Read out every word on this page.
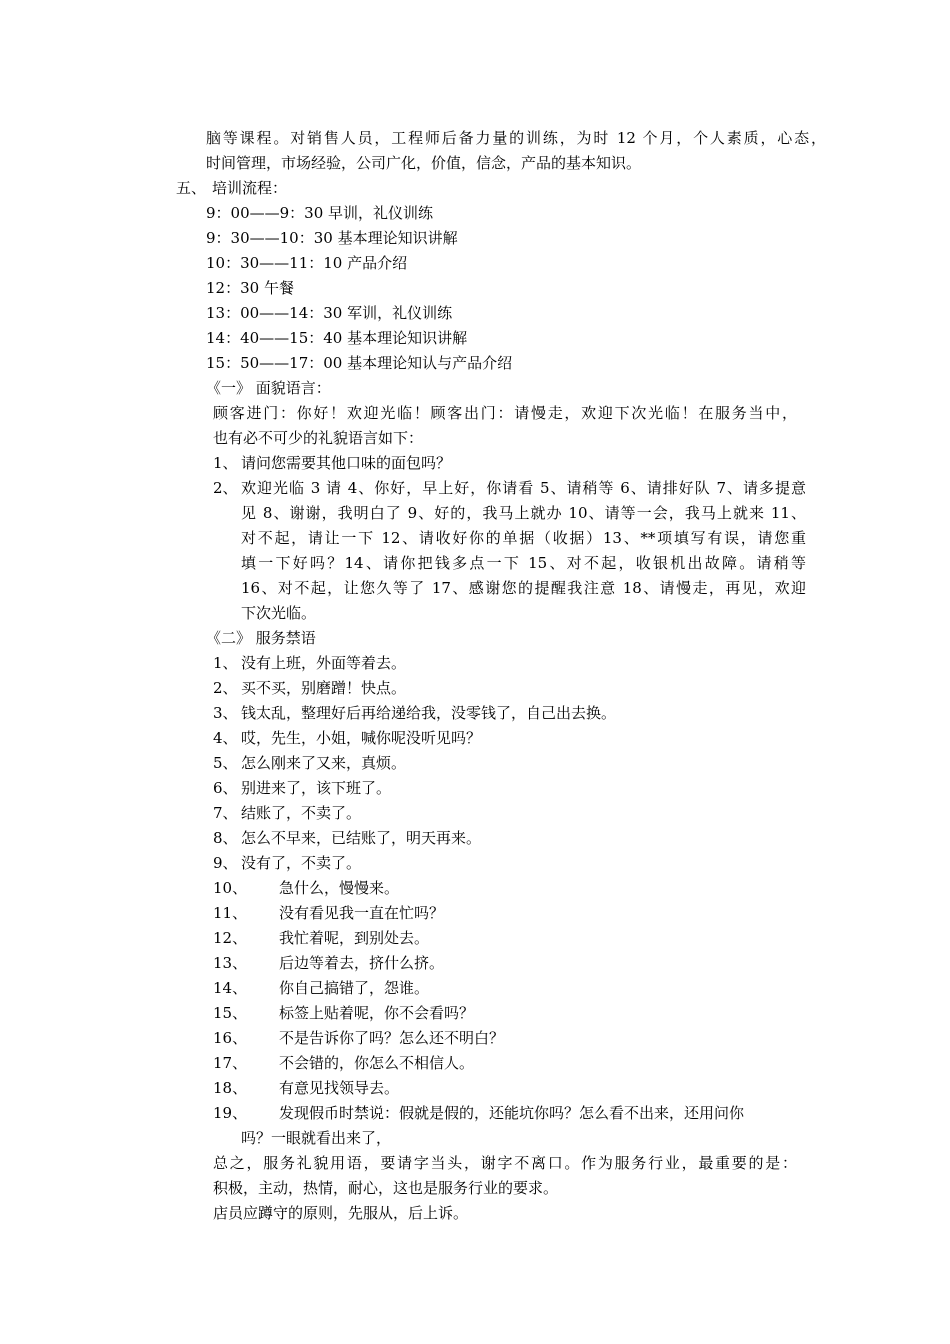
脑等课程。对销售人员，工程师后备力量的训练，为时 12 个月，个人素质，心态，
时间管理，市场经验，公司广化，价值，信念，产品的基本知识。
五、 培训流程：
9：00——9：30 早训，礼仪训练
9：30——10：30 基本理论知识讲解
10：30——11：10 产品介绍
12：30 午餐
13：00——14：30 军训，礼仪训练
14：40——15：40 基本理论知识讲解
15：50——17：00 基本理论知认与产品介绍
《一》 面貌语言：
顾客进门：你好！欢迎光临！顾客出门：请慢走，欢迎下次光临！在服务当中，
也有必不可少的礼貌语言如下：
1、 请问您需要其他口味的面包吗？
2、 欢迎光临 3 请 4、你好，早上好，你请看 5、请稍等 6、请排好队 7、请多提意
见 8、谢谢，我明白了 9、好的，我马上就办 10、请等一会，我马上就来 11、
对不起，请让一下 12、请收好你的单据（收据）13、**项填写有误，请您重
填一下好吗？14、请你把钱多点一下 15、对不起，收银机出故障。请稍等
16、对不起，让您久等了 17、感谢您的提醒我注意 18、请慢走，再见，欢迎
下次光临。
《二》 服务禁语
1、 没有上班，外面等着去。
2、 买不买，别磨蹭！快点。
3、 钱太乱，整理好后再给递给我，没零钱了，自己出去换。
4、 哎，先生，小姐，喊你呢没听见吗？
5、 怎么刚来了又来，真烦。
6、 别进来了，该下班了。
7、 结账了，不卖了。
8、 怎么不早来，已结账了，明天再来。
9、 没有了，不卖了。
10、 急什么，慢慢来。
11、 没有看见我一直在忙吗？
12、 我忙着呢，到别处去。
13、 后边等着去，挤什么挤。
14、 你自己搞错了，怨谁。
15、 标签上贴着呢，你不会看吗？
16、 不是告诉你了吗？怎么还不明白？
17、 不会错的，你怎么不相信人。
18、 有意见找领导去。
19、 发现假币时禁说：假就是假的，还能坑你吗？怎么看不出来，还用问你
吗？一眼就看出来了，
总之，服务礼貌用语，要请字当头，谢字不离口。作为服务行业，最重要的是：
积极，主动，热情，耐心，这也是服务行业的要求。
店员应蹲守的原则，先服从，后上诉。
